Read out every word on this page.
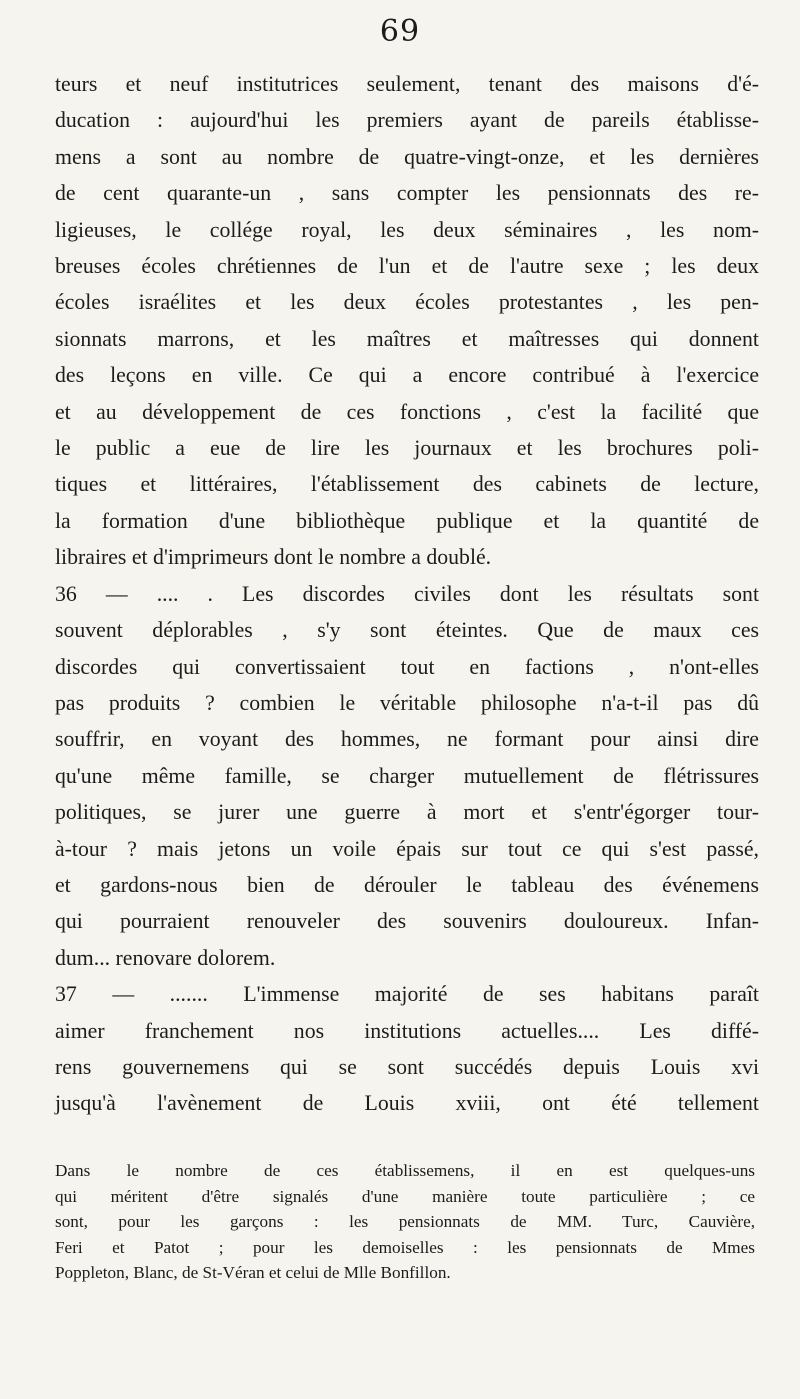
69
teurs et neuf institutrices seulement, tenant des maisons d'é-
ducation : aujourd'hui les premiers ayant de pareils établisse-
mens a sont au nombre de quatre-vingt-onze, et les dernières
de cent quarante-un , sans compter les pensionnats des re-
ligieuses, le collége royal, les deux séminaires , les nom-
breuses écoles chrétiennes de l'un et de l'autre sexe ; les deux
écoles israélites et les deux écoles protestantes , les pen-
sionnats marrons, et les maîtres et maîtresses qui donnent
des leçons en ville. Ce qui a encore contribué à l'exercice
et au développement de ces fonctions , c'est la facilité que
le public a eue de lire les journaux et les brochures poli-
tiques et littéraires, l'établissement des cabinets de lecture,
la formation d'une bibliothèque publique et la quantité de
libraires et d'imprimeurs dont le nombre a doublé.
36 — .... . Les discordes civiles dont les résultats sont
souvent déplorables , s'y sont éteintes. Que de maux ces
discordes qui convertissaient tout en factions , n'ont-elles
pas produits ? combien le véritable philosophe n'a-t-il pas dû
souffrir, en voyant des hommes, ne formant pour ainsi dire
qu'une même famille, se charger mutuellement de flétrissures
politiques, se jurer une guerre à mort et s'entr'égorger tour-
à-tour ? mais jetons un voile épais sur tout ce qui s'est passé,
et gardons-nous bien de dérouler le tableau des événemens
qui pourraient renouveler des souvenirs douloureux. Infan-
dum... renovare dolorem.
37 — ....... L'immense majorité de ses habitans paraît
aimer franchement nos institutions actuelles.... Les diffé-
rens gouvernemens qui se sont succédés depuis Louis xvi
jusqu'à l'avènement de Louis xviii, ont été tellement
Dans le nombre de ces établissemens, il en est quelques-uns
qui méritent d'être signalés d'une manière toute particulière ; ce
sont, pour les garçons : les pensionnats de MM. Turc, Cauvière,
Feri et Patot ; pour les demoiselles : les pensionnats de Mmes
Poppleton, Blanc, de St-Véran et celui de Mlle Bonfillon.
